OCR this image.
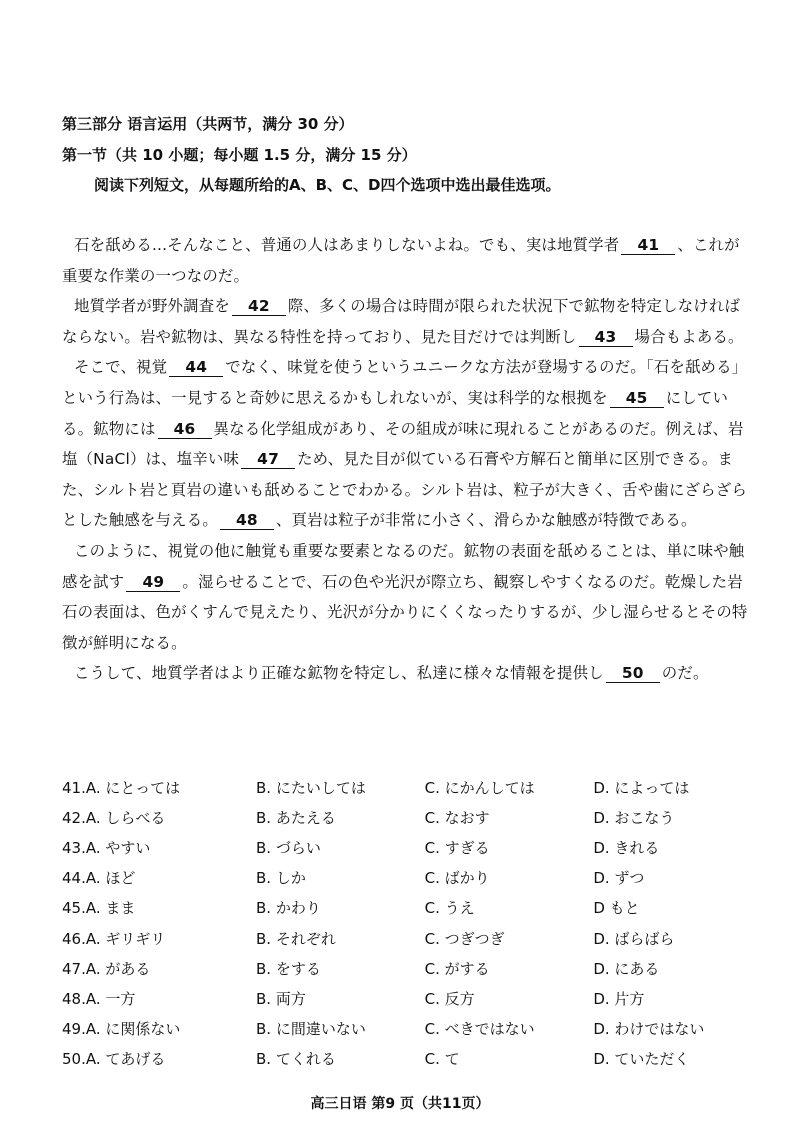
第三部分 语言运用（共两节，满分 30 分）
第一节（共 10 小题；每小题 1.5 分，满分 15 分）
阅读下列短文，从每题所给的A、B、C、D四个选项中选出最佳选项。

石を舐める...そんなこと、普通の人はあまりしないよね。でも、実は地質学者 41 、これが重要な作業の一つなのだ。

地質学者が野外調査を 42 際、多くの場合は時間が限られた状況下で鉱物を特定しなければならない。岩や鉱物は、異なる特性を持っており、見た目だけでは判断し 43 場合もよある。

そこで、視覚 44 でなく、味覚を使うというユニークな方法が登場するのだ。「石を舐める」という行為は、一見すると奇妙に思えるかもしれないが、実は科学的な根拠を 45 にしている。鉱物には 46 異なる化学組成があり、その組成が味に現れることがあるのだ。例えば、岩塩（NaCl）は、塩辛い味 47 ため、見た目が似ている石膏や方解石と簡単に区別できる。また、シルト岩と頁岩の違いも舐めることでわかる。シルト岩は、粒子が大きく、舌や歯にざらざらとした触感を与える。 48 、頁岩は粒子が非常に小さく、滑らかな触感が特徴である。

このように、視覚の他に触覚も重要な要素となるのだ。鉱物の表面を舐めることは、単に味や触感を試す 49 。湿らせることで、石の色や光沢が際立ち、観察しやすくなるのだ。乾燥した岩石の表面は、色がくすんで見えたり、光沢が分かりにくくなったりするが、少し湿らせるとその特徴が鮮明になる。

こうして、地質学者はより正確な鉱物を特定し、私達に様々な情報を提供し 50 のだ。

41.A. にとっては	B. にたいしては	C. にかんしては	D. によっては
42.A. しらべる	B. あたえる	C. なおす	D. おこなう
43.A. やすい	B. づらい	C. すぎる	D. きれる
44.A. ほど	B. しか	C. ばかり	D. ずつ
45.A. まま	B. かわり	C. うえ	D もと
46.A. ギリギリ	B. それぞれ	C. つぎつぎ	D. ばらばら
47.A. がある	B. をする	C. がする	D. にある
48.A. 一方	B. 両方	C. 反方	D. 片方
49.A. に関係ない	B. に間違いない	C. べきではない	D. わけではない
50.A. てあげる	B. てくれる	C. て	D. ていただく
高三日语 第9 页（共11页）
